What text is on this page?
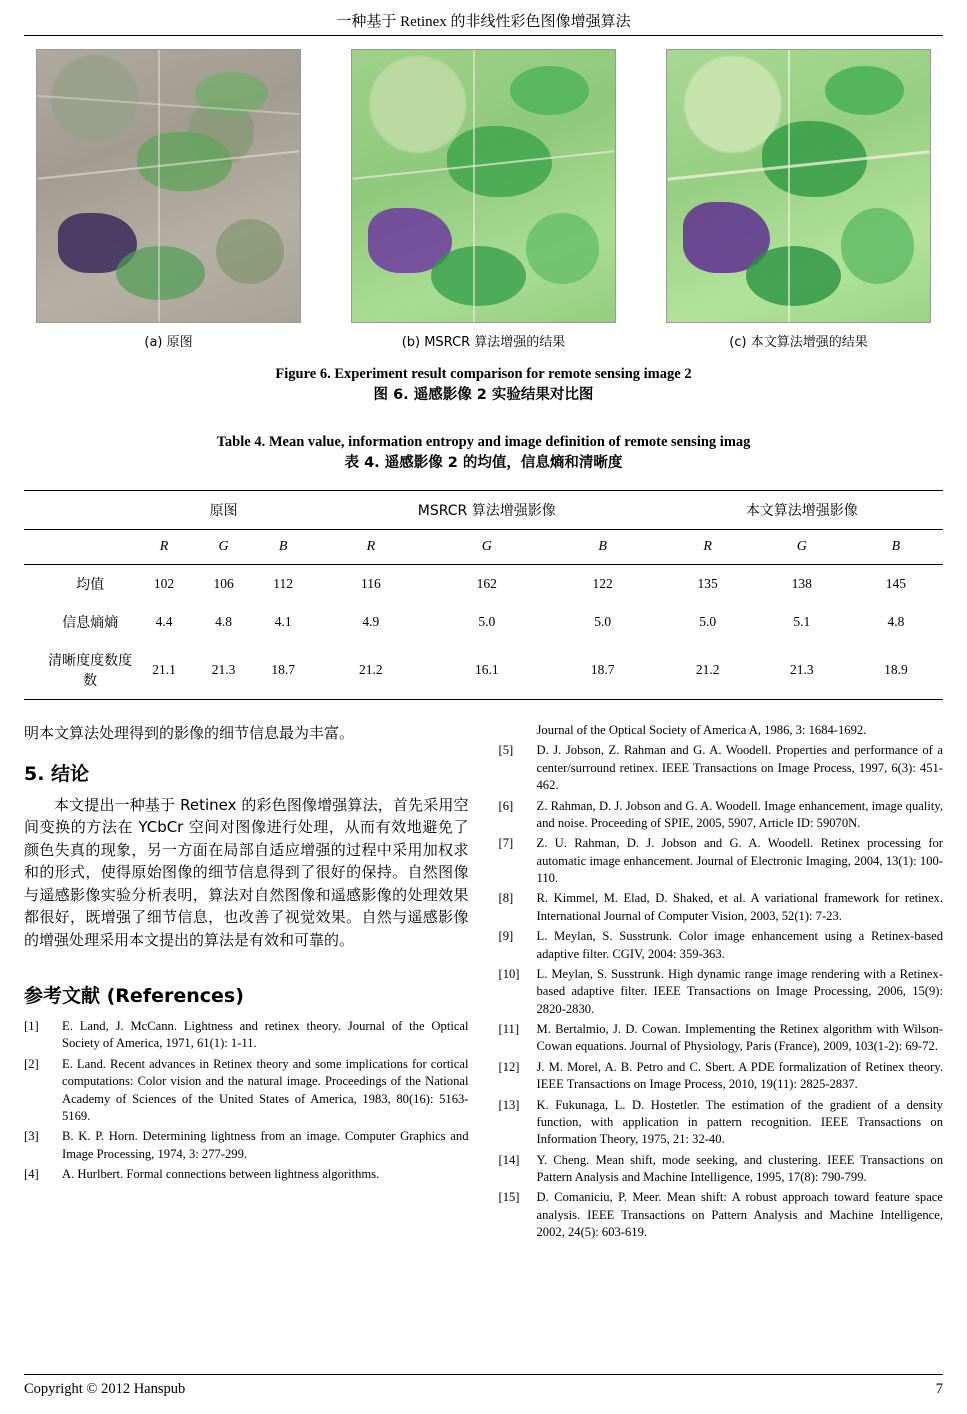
一种基于 Retinex 的非线性彩色图像增强算法
(a) 原图	(b) MSRCR 算法增强的结果	(c) 本文算法增强的结果
Figure 6. Experiment result comparison for remote sensing image 2
图 6. 遥感影像 2 实验结果对比图
Table 4. Mean value, information entropy and image definition of remote sensing imag
表 4. 遥感影像 2 的均值，信息熵和清晰度
	原图			MSRCR 算法增强影像			本文算法增强影像		
	R	G	B	R	G	B	R	G	B
均值	102	106	112	116	162	122	135	138	145
信息熵熵	4.4	4.8	4.1	4.9	5.0	5.0	5.0	5.1	4.8
清晰度度数度数	21.1	21.3	18.7	21.2	16.1	18.7	21.2	21.3	18.9

明本文算法处理得到的影像的细节信息最为丰富。

5. 结论

本文提出一种基于 Retinex 的彩色图像增强算法，首先采用空间变换的方法在 YCbCr 空间对图像进行处理，从而有效地避免了颜色失真的现象，另一方面在局部自适应增强的过程中采用加权求和的形式，使得原始图像的细节信息得到了很好的保持。自然图像与遥感影像实验分析表明，算法对自然图像和遥感影像的处理效果都很好，既增强了细节信息，也改善了视觉效果。自然与遥感影像的增强处理采用本文提出的算法是有效和可靠的。

参考文献 (References)
[1]	E. Land, J. McCann. Lightness and retinex theory. Journal of the Optical Society of America, 1971, 61(1): 1-11.
[2]	E. Land. Recent advances in Retinex theory and some implications for cortical computations: Color vision and the natural image. Proceedings of the National Academy of Sciences of the United States of America, 1983, 80(16): 5163-5169.
[3]	B. K. P. Horn. Determining lightness from an image. Computer Graphics and Image Processing, 1974, 3: 277-299.
[4]	A. Hurlbert. Formal connections between lightness algorithms.
Journal of the Optical Society of America A, 1986, 3: 1684-1692.
[5]	D. J. Jobson, Z. Rahman and G. A. Woodell. Properties and performance of a center/surround retinex. IEEE Transactions on Image Process, 1997, 6(3): 451-462.
[6]	Z. Rahman, D. J. Jobson and G. A. Woodell. Image enhancement, image quality, and noise. Proceeding of SPIE, 2005, 5907, Article ID: 59070N.
[7]	Z. U. Rahman, D. J. Jobson and G. A. Woodell. Retinex processing for automatic image enhancement. Journal of Electronic Imaging, 2004, 13(1): 100-110.
[8]	R. Kimmel, M. Elad, D. Shaked, et al. A variational framework for retinex. International Journal of Computer Vision, 2003, 52(1): 7-23.
[9]	L. Meylan, S. Susstrunk. Color image enhancement using a Retinex-based adaptive filter. CGIV, 2004: 359-363.
[10]	L. Meylan, S. Susstrunk. High dynamic range image rendering with a Retinex-based adaptive filter. IEEE Transactions on Image Processing, 2006, 15(9): 2820-2830.
[11]	M. Bertalmio, J. D. Cowan. Implementing the Retinex algorithm with Wilson-Cowan equations. Journal of Physiology, Paris (France), 2009, 103(1-2): 69-72.
[12]	J. M. Morel, A. B. Petro and C. Sbert. A PDE formalization of Retinex theory. IEEE Transactions on Image Process, 2010, 19(11): 2825-2837.
[13]	K. Fukunaga, L. D. Hostetler. The estimation of the gradient of a density function, with application in pattern recognition. IEEE Transactions on Information Theory, 1975, 21: 32-40.
[14]	Y. Cheng. Mean shift, mode seeking, and clustering. IEEE Transactions on Pattern Analysis and Machine Intelligence, 1995, 17(8): 790-799.
[15]	D. Comaniciu, P. Meer. Mean shift: A robust approach toward feature space analysis. IEEE Transactions on Pattern Analysis and Machine Intelligence, 2002, 24(5): 603-619.
Copyright © 2012 Hanspub	7
